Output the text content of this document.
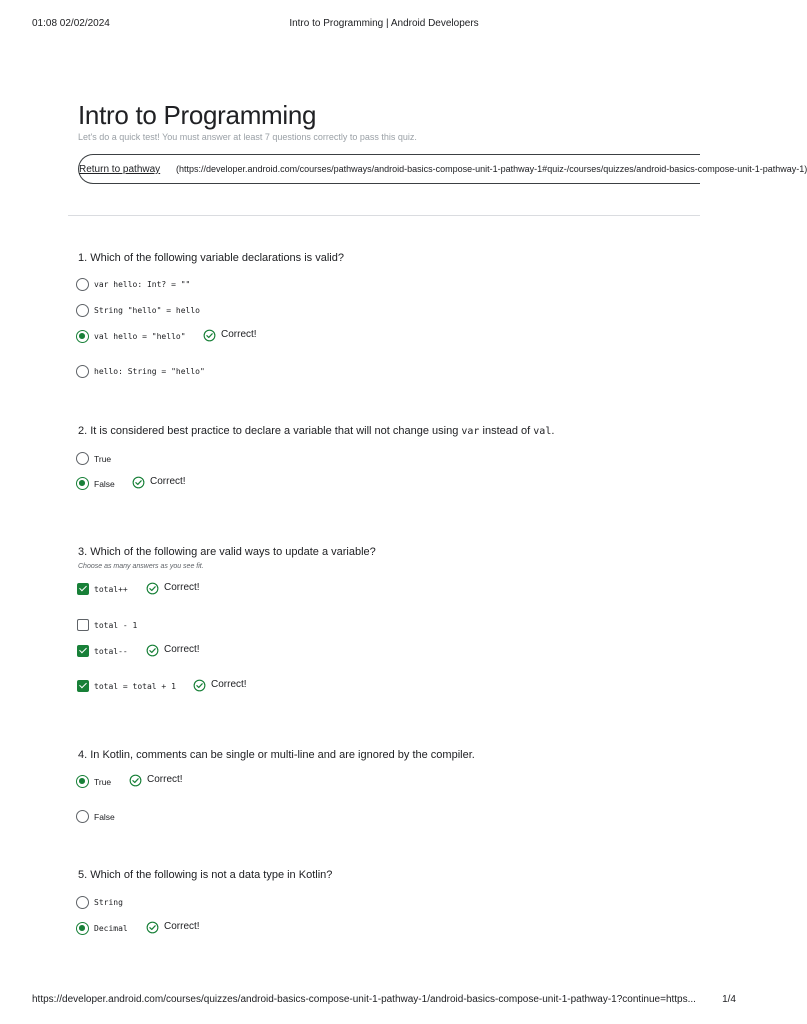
01:08 02/02/2024	Intro to Programming | Android Developers
Intro to Programming
Let's do a quick test! You must answer at least 7 questions correctly to pass this quiz.
Return to pathway (https://developer.android.com/courses/pathways/android-basics-compose-unit-1-pathway-1#quiz-/courses/quizzes/android-basics-compose-unit-1-pathway-1)
1. Which of the following variable declarations is valid?
var hello: Int? = ""
String "hello" = hello
val hello = "hello"	Correct!
hello: String = "hello"
2. It is considered best practice to declare a variable that will not change using var instead of val.
True
False	Correct!
3. Which of the following are valid ways to update a variable?
Choose as many answers as you see fit.
total++	Correct!
total - 1
total--	Correct!
total = total + 1	Correct!
4. In Kotlin, comments can be single or multi-line and are ignored by the compiler.
True	Correct!
False
5. Which of the following is not a data type in Kotlin?
String
Decimal	Correct!
https://developer.android.com/courses/quizzes/android-basics-compose-unit-1-pathway-1/android-basics-compose-unit-1-pathway-1?continue=https...	1/4
